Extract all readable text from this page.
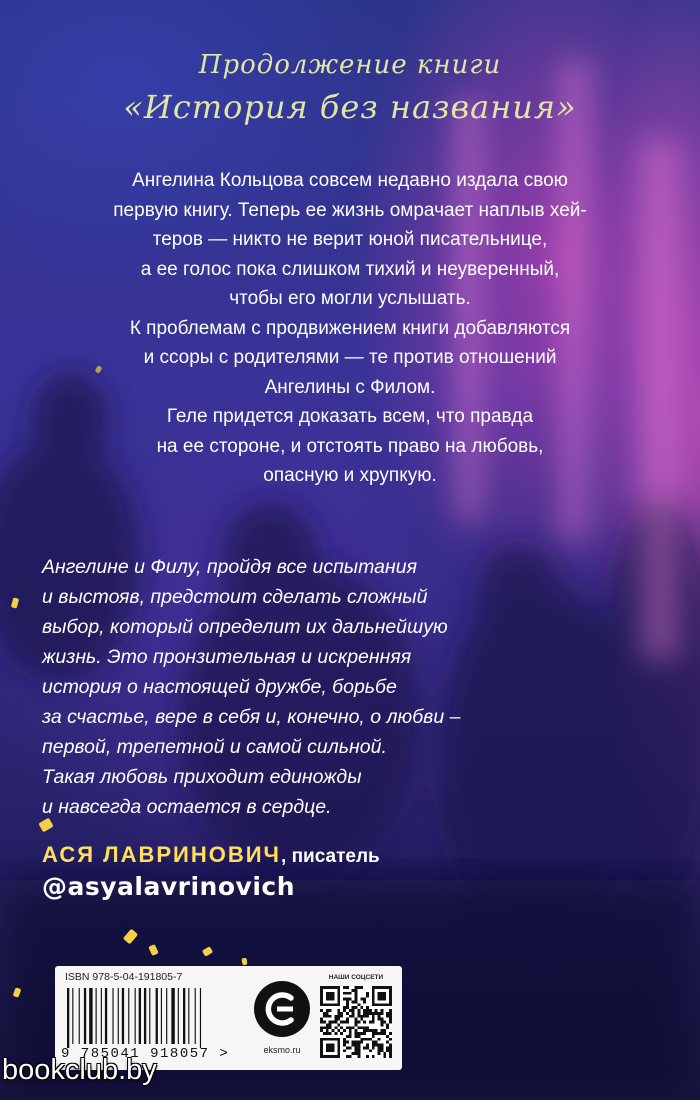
Продолжение книги
«История без названия»
Ангелина Кольцова совсем недавно издала свою
первую книгу. Теперь ее жизнь омрачает наплыв хей-
теров — никто не верит юной писательнице,
а ее голос пока слишком тихий и неуверенный,
чтобы его могли услышать.
К проблемам с продвижением книги добавляются
и ссоры с родителями — те против отношений
Ангелины с Филом.
Геле придется доказать всем, что правда
на ее стороне, и отстоять право на любовь,
опасную и хрупкую.
Ангелине и Филу, пройдя все испытания
и выстояв, предстоит сделать сложный
выбор, который определит их дальнейшую
жизнь. Это пронзительная и искренняя
история о настоящей дружбе, борьбе
за счастье, вере в себя и, конечно, о любви –
первой, трепетной и самой сильной.
Такая любовь приходит единожды
и навсегда остается в сердце.
АСЯ ЛАВРИНОВИЧ, писатель
@asyalavrinovich
ISBN 978-5-04-191805-7
9 785041 918057 >	eksmo.ru
НАШИ СОЦСЕТИ
bookclub.by
